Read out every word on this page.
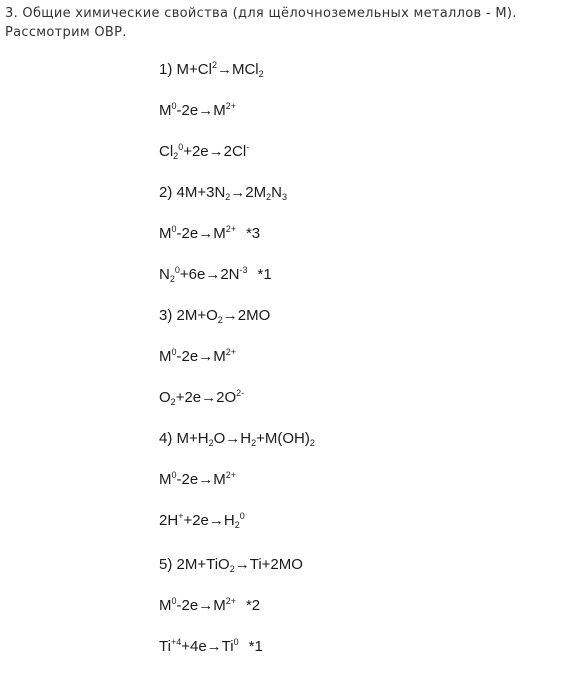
3. Общие химические свойства (для щёлочноземельных металлов - М).
Рассмотрим ОВР.
1) $M+Cl^2\to MCl_2$
$M^0-2e\to M^{2+}$
$Cl_2^0+2e\to 2Cl^-$
2) $4M+3N_2\to 2M_2N_3$
$M^0-2e\to M^{2+}$ *3
$N_2^0+6e\to 2N^{-3}$ *1
3) $2M+O_2\to 2MO$
$M^0-2e\to M^{2+}$
$O_2+2e\to 2O^{2-}$
4) $M+H_2O\to H_2+M(OH)_2$
$M^0-2e\to M^{2+}$
$2H^++2e\to H_2^0$
5) 2M+TiO$_2$→Ti+2MO
$M^0-2e\to M^{2+}$ *2
$Ti^{+4}+4e\to Ti^0$ *1
